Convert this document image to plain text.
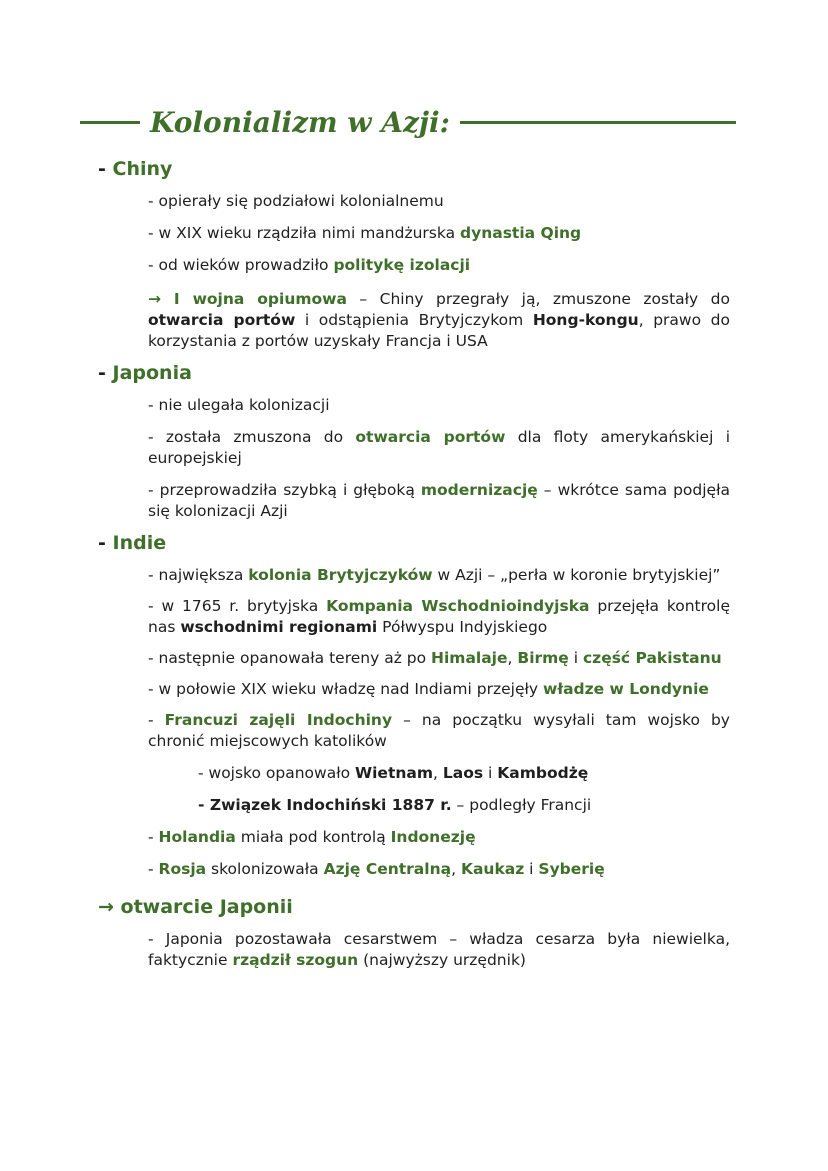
Kolonializm w Azji:
- Chiny
- opierały się podziałowi kolonialnemu
- w XIX wieku rządziła nimi mandżurska dynastia Qing
- od wieków prowadziło politykę izolacji
→ I wojna opiumowa – Chiny przegrały ją, zmuszone zostały do otwarcia portów i odstąpienia Brytyjczykom Hong-kongu, prawo do korzystania z portów uzyskały Francja i USA
- Japonia
- nie ulegała kolonizacji
- została zmuszona do otwarcia portów dla floty amerykańskiej i europejskiej
- przeprowadziła szybką i głęboką modernizację – wkrótce sama podjęła się kolonizacji Azji
- Indie
- największa kolonia Brytyjczyków w Azji – „perła w koronie brytyjskiej”
- w 1765 r. brytyjska Kompania Wschodnioindyjska przejęła kontrolę nas wschodnimi regionami Półwyspu Indyjskiego
- następnie opanowała tereny aż po Himalaje, Birmę i część Pakistanu
- w połowie XIX wieku władzę nad Indiami przejęły władze w Londynie
- Francuzi zajęli Indochiny – na początku wysyłali tam wojsko by chronić miejscowych katolików
- wojsko opanowało Wietnam, Laos i Kambodżę
- Związek Indochiński 1887 r. – podległy Francji
- Holandia miała pod kontrolą Indonezję
- Rosja skolonizowała Azję Centralną, Kaukaz i Syberię
→ otwarcie Japonii
- Japonia pozostawała cesarstwem – władza cesarza była niewielka, faktycznie rządził szogun (najwyższy urzędnik)
